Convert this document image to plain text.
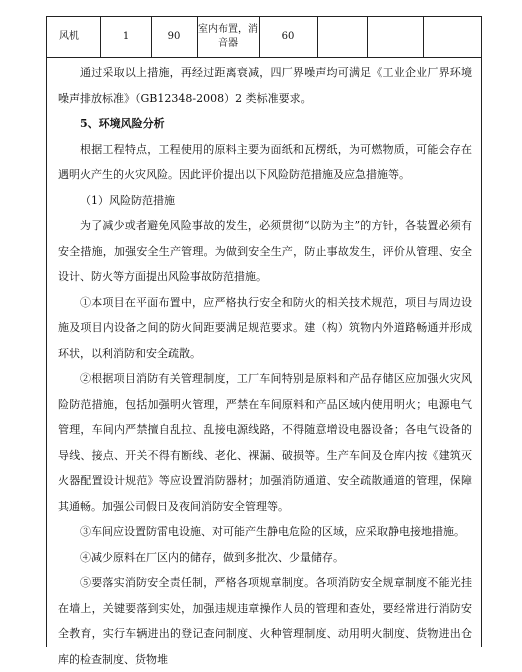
风机	1	90
室内布置，消音器
60

通过采取以上措施，再经过距离衰减，四厂界噪声均可满足《工业企业厂界环境噪声排放标准》（GB12348-2008）2 类标准要求。

5、环境风险分析

根据工程特点，工程使用的原料主要为面纸和瓦楞纸，为可燃物质，可能会存在遇明火产生的火灾风险。因此评价提出以下风险防范措施及应急措施等。

（1）风险防范措施

为了减少或者避免风险事故的发生，必须贯彻“以防为主”的方针，各装置必须有安全措施，加强安全生产管理。为做到安全生产，防止事故发生，评价从管理、安全设计、防火等方面提出风险事故防范措施。

①本项目在平面布置中，应严格执行安全和防火的相关技术规范，项目与周边设施及项目内设备之间的防火间距要满足规范要求。建（构）筑物内外道路畅通并形成环状，以利消防和安全疏散。

②根据项目消防有关管理制度，工厂车间特别是原料和产品存储区应加强火灾风险防范措施，包括加强明火管理，严禁在车间原料和产品区域内使用明火；电源电气管理，车间内严禁擅自乱拉、乱接电源线路，不得随意增设电器设备；各电气设备的导线、接点、开关不得有断线、老化、裸漏、破损等。生产车间及仓库内按《建筑灭火器配置设计规范》等应设置消防器材；加强消防通道、安全疏散通道的管理，保障其通畅。加强公司假日及夜间消防安全管理等。

③车间应设置防雷电设施、对可能产生静电危险的区域，应采取静电接地措施。

④减少原料在厂区内的储存，做到多批次、少量储存。

⑤要落实消防安全责任制，严格各项规章制度。各项消防安全规章制度不能光挂在墙上，关键要落到实处，加强违规违章操作人员的管理和查处，要经常进行消防安全教育，实行车辆进出的登记查问制度、火种管理制度、动用明火制度、货物进出仓库的检查制度、货物堆
